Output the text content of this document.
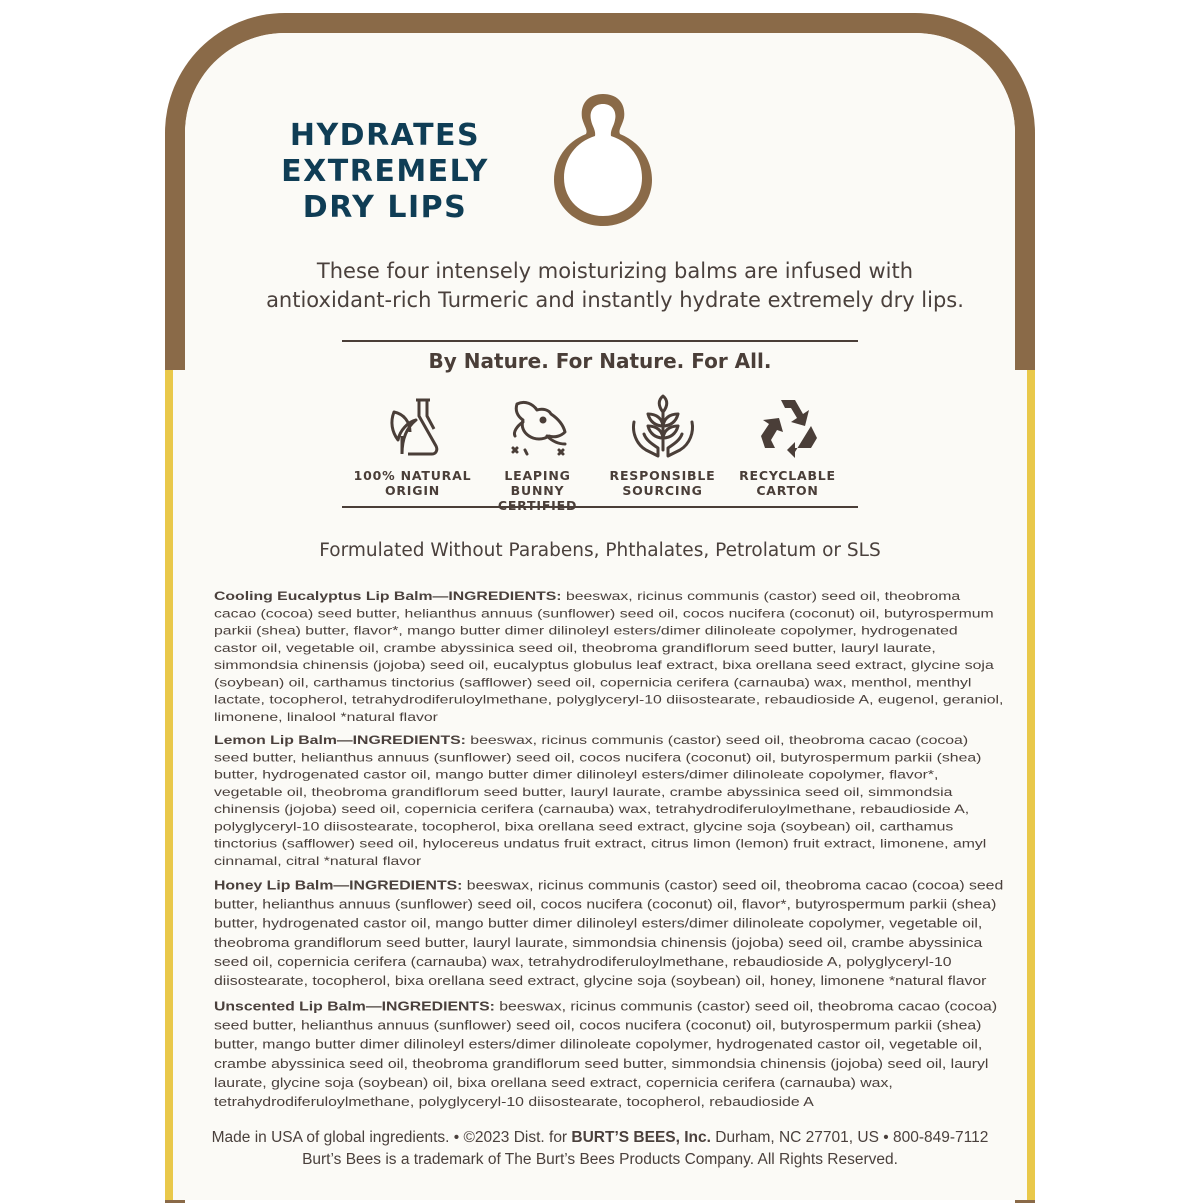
HYDRATES
EXTREMELY
DRY LIPS
These four intensely moisturizing balms are infused with
antioxidant-rich Turmeric and instantly hydrate extremely dry lips.
By Nature. For Nature. For All.
100% NATURAL
ORIGIN
LEAPING BUNNY

RESPONSIBLE
SOURCING
RECYCLABLE
CARTON
Formulated Without Parabens, Phthalates, Petrolatum or SLS
Cooling Eucalyptus Lip Balm—INGREDIENTS: beeswax, ricinus communis (castor) seed oil, theobroma cacao (cocoa) seed butter, helianthus annuus (sunflower) seed oil, cocos nucifera (coconut) oil, butyrospermum parkii (shea) butter, flavor*, mango butter dimer dilinoleyl esters/dimer dilinoleate copolymer, hydrogenated castor oil, vegetable oil, crambe abyssinica seed oil, theobroma grandiflorum seed butter, lauryl laurate, simmondsia chinensis (jojoba) seed oil, eucalyptus globulus leaf extract, bixa orellana seed extract, glycine soja (soybean) oil, carthamus tinctorius (safflower) seed oil, copernicia cerifera (carnauba) wax, menthol, menthyl lactate, tocopherol, tetrahydrodiferuloylmethane, polyglyceryl-10 diisostearate, rebaudioside A, eugenol, geraniol, limonene, linalool *natural flavor
Lemon Lip Balm—INGREDIENTS: beeswax, ricinus communis (castor) seed oil, theobroma cacao (cocoa) seed butter, helianthus annuus (sunflower) seed oil, cocos nucifera (coconut) oil, butyrospermum parkii (shea) butter, hydrogenated castor oil, mango butter dimer dilinoleyl esters/dimer dilinoleate copolymer, flavor*, vegetable oil, theobroma grandiflorum seed butter, lauryl laurate, crambe abyssinica seed oil, simmondsia chinensis (jojoba) seed oil, copernicia cerifera (carnauba) wax, tetrahydrodiferuloylmethane, rebaudioside A, polyglyceryl-10 diisostearate, tocopherol, bixa orellana seed extract, glycine soja (soybean) oil, carthamus tinctorius (safflower) seed oil, hylocereus undatus fruit extract, citrus limon (lemon) fruit extract, limonene, amyl cinnamal, citral *natural flavor
Honey Lip Balm—INGREDIENTS: beeswax, ricinus communis (castor) seed oil, theobroma cacao (cocoa) seed butter, helianthus annuus (sunflower) seed oil, cocos nucifera (coconut) oil, flavor*, butyrospermum parkii (shea) butter, hydrogenated castor oil, mango butter dimer dilinoleyl esters/dimer dilinoleate copolymer, vegetable oil, theobroma grandiflorum seed butter, lauryl laurate, simmondsia chinensis (jojoba) seed oil, crambe abyssinica seed oil, copernicia cerifera (carnauba) wax, tetrahydrodiferuloylmethane, rebaudioside A, polyglyceryl-10 diisostearate, tocopherol, bixa orellana seed extract, glycine soja (soybean) oil, honey, limonene *natural flavor
Unscented Lip Balm—INGREDIENTS: beeswax, ricinus communis (castor) seed oil, theobroma cacao (cocoa) seed butter, helianthus annuus (sunflower) seed oil, cocos nucifera (coconut) oil, butyrospermum parkii (shea) butter, mango butter dimer dilinoleyl esters/dimer dilinoleate copolymer, hydrogenated castor oil, vegetable oil, crambe abyssinica seed oil, theobroma grandiflorum seed butter, simmondsia chinensis (jojoba) seed oil, lauryl laurate, glycine soja (soybean) oil, bixa orellana seed extract, copernicia cerifera (carnauba) wax, tetrahydrodiferuloylmethane, polyglyceryl-10 diisostearate, tocopherol, rebaudioside A
Made in USA of global ingredients. • ©2023 Dist. for BURT’S BEES, Inc. Durham, NC 27701, US • 800-849-7112
Burt’s Bees is a trademark of The Burt’s Bees Products Company. All Rights Reserved.
